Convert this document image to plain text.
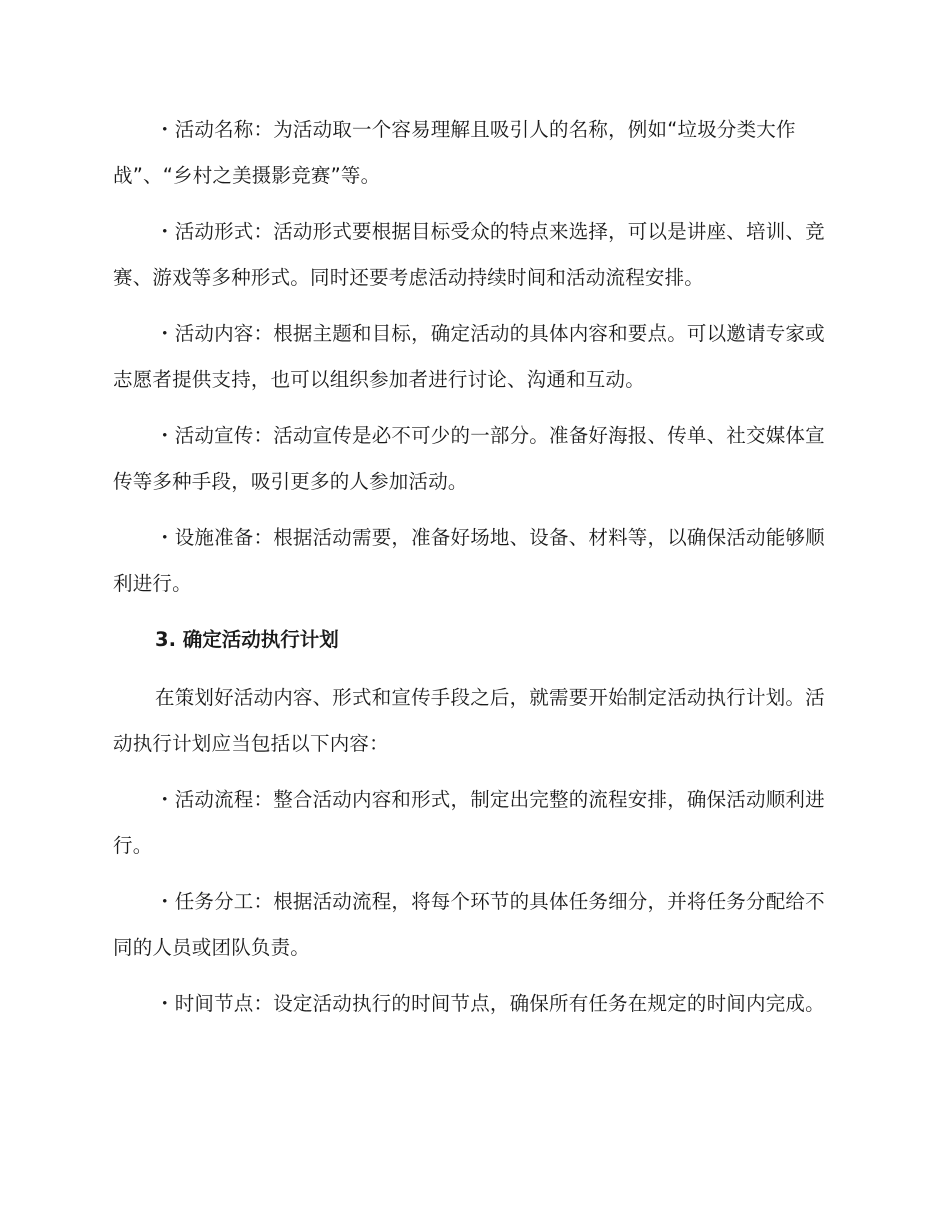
・活动名称：为活动取一个容易理解且吸引人的名称，例如“垃圾分类大作战”、“乡村之美摄影竞赛”等。

・活动形式：活动形式要根据目标受众的特点来选择，可以是讲座、培训、竞赛、游戏等多种形式。同时还要考虑活动持续时间和活动流程安排。

・活动内容：根据主题和目标，确定活动的具体内容和要点。可以邀请专家或志愿者提供支持，也可以组织参加者进行讨论、沟通和互动。

・活动宣传：活动宣传是必不可少的一部分。准备好海报、传单、社交媒体宣传等多种手段，吸引更多的人参加活动。

・设施准备：根据活动需要，准备好场地、设备、材料等，以确保活动能够顺利进行。

3. 确定活动执行计划

在策划好活动内容、形式和宣传手段之后，就需要开始制定活动执行计划。活动执行计划应当包括以下内容：

・活动流程：整合活动内容和形式，制定出完整的流程安排，确保活动顺利进行。

・任务分工：根据活动流程，将每个环节的具体任务细分，并将任务分配给不同的人员或团队负责。

・时间节点：设定活动执行的时间节点，确保所有任务在规定的时间内完成。
